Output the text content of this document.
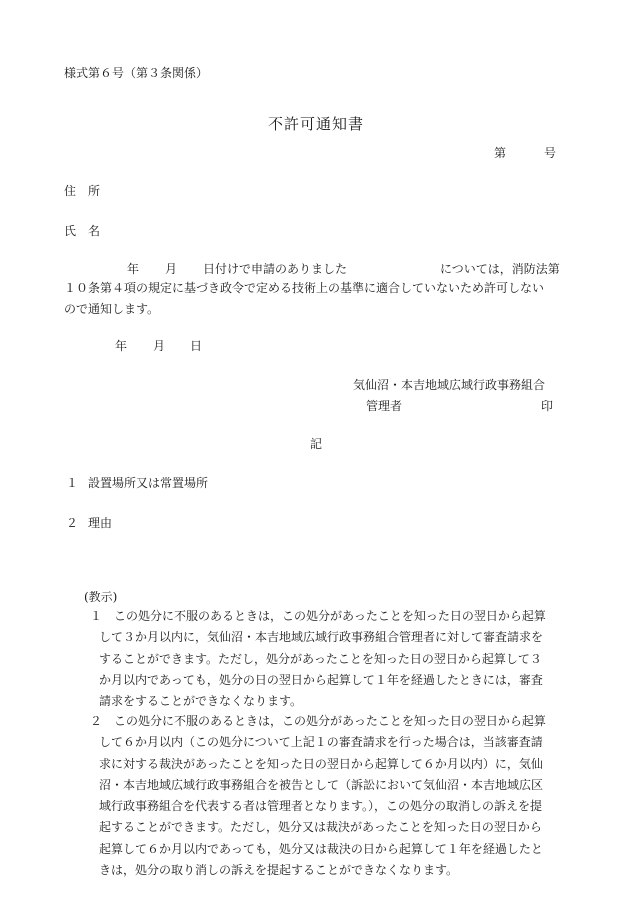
様式第６号（第３条関係）
不許可通知書
第	号
住　所
氏　名
年 月 日付けで申請のありました	については，消防法第
１０条第４項の規定に基づき政令で定める技術上の基準に適合していないため許可しない
ので通知します。
年 月 日
気仙沼・本吉地域広域行政事務組合
管理者	印
記
１ 設置場所又は常置場所
２ 理由
(教示)
１　この処分に不服のあるときは，この処分があったことを知った日の翌日から起算
して３か月以内に，気仙沼・本吉地域広域行政事務組合管理者に対して審査請求を
することができます。ただし，処分があったことを知った日の翌日から起算して３
か月以内であっても，処分の日の翌日から起算して１年を経過したときには，審査
請求をすることができなくなります。
２　この処分に不服のあるときは，この処分があったことを知った日の翌日から起算
して６か月以内（この処分について上記１の審査請求を行った場合は，当該審査請
求に対する裁決があったことを知った日の翌日から起算して６か月以内）に，気仙
沼・本吉地域広域行政事務組合を被告として（訴訟において気仙沼・本吉地域広区
域行政事務組合を代表する者は管理者となります。），この処分の取消しの訴えを提
起することができます。ただし，処分又は裁決があったことを知った日の翌日から
起算して６か月以内であっても，処分又は裁決の日から起算して１年を経過したと
きは，処分の取り消しの訴えを提起することができなくなります。
